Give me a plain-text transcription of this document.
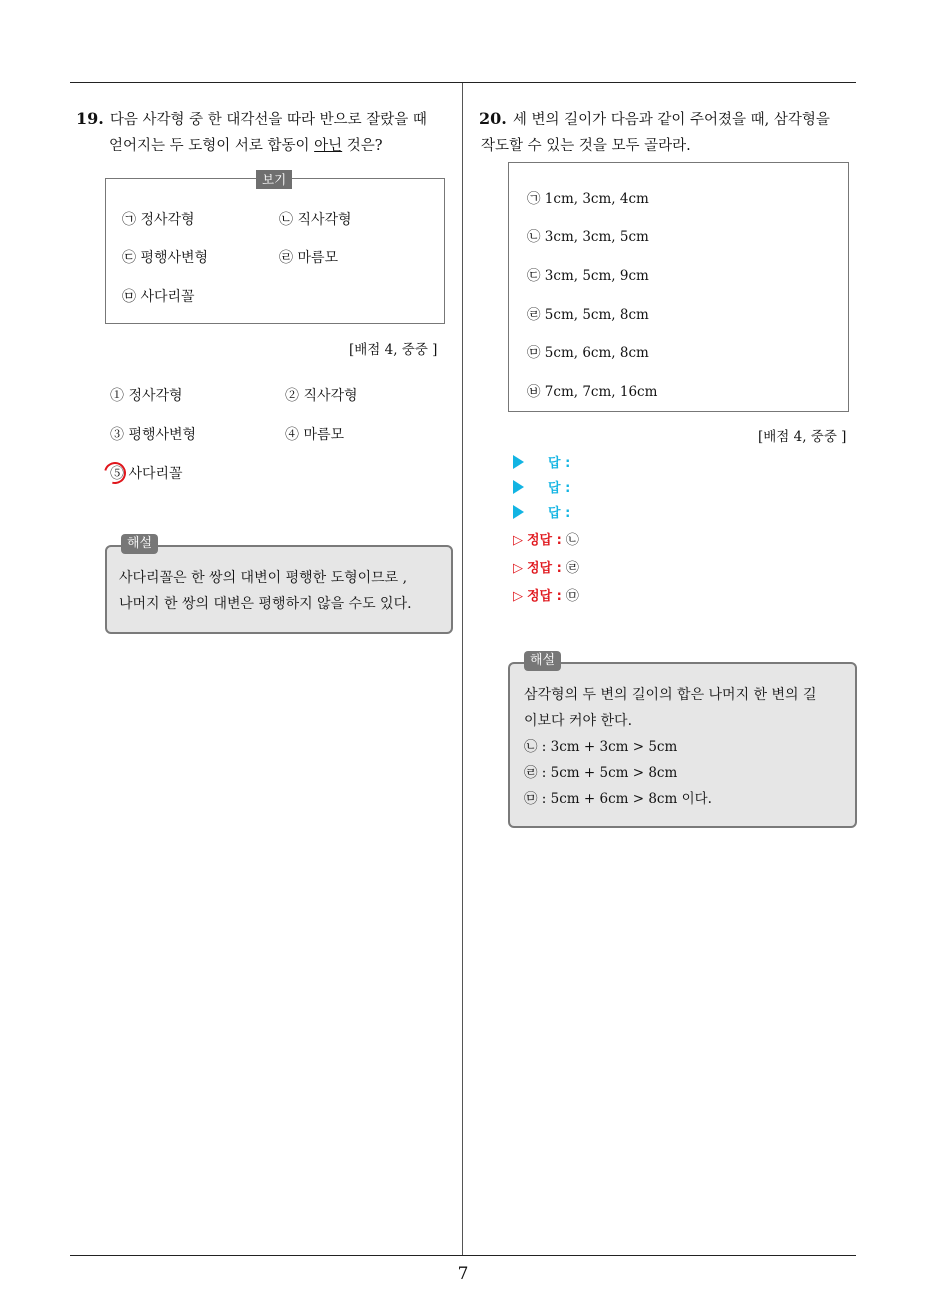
19. 다음 사각형 중 한 대각선을 따라 반으로 잘랐을 때
얻어지는 두 도형이 서로 합동이 아닌 것은?
보기
㉠ 정사각형	㉡ 직사각형
㉢ 평행사변형	㉣ 마름모
㉤ 사다리꼴
[배점 4, 중중 ]
① 정사각형	② 직사각형
③ 평행사변형	④ 마름모
⑤ 사다리꼴
해설
사다리꼴은 한 쌍의 대변이 평행한 도형이므로 ,
나머지 한 쌍의 대변은 평행하지 않을 수도 있다.
20. 세 변의 길이가 다음과 같이 주어졌을 때, 삼각형을
작도할 수 있는 것을 모두 골라라.
㉠ 1cm, 3cm, 4cm
㉡ 3cm, 3cm, 5cm
㉢ 3cm, 5cm, 9cm
㉣ 5cm, 5cm, 8cm
㉤ 5cm, 6cm, 8cm
㉥ 7cm, 7cm, 16cm
[배점 4, 중중 ]
답 :
답 :
답 :
▷ 정답 : ㉡
▷ 정답 : ㉣
▷ 정답 : ㉤
해설
삼각형의 두 변의 길이의 합은 나머지 한 변의 길
이보다 커야 한다.
㉡ : 3cm + 3cm > 5cm
㉣ : 5cm + 5cm > 8cm
㉤ : 5cm + 6cm > 8cm 이다.
7
